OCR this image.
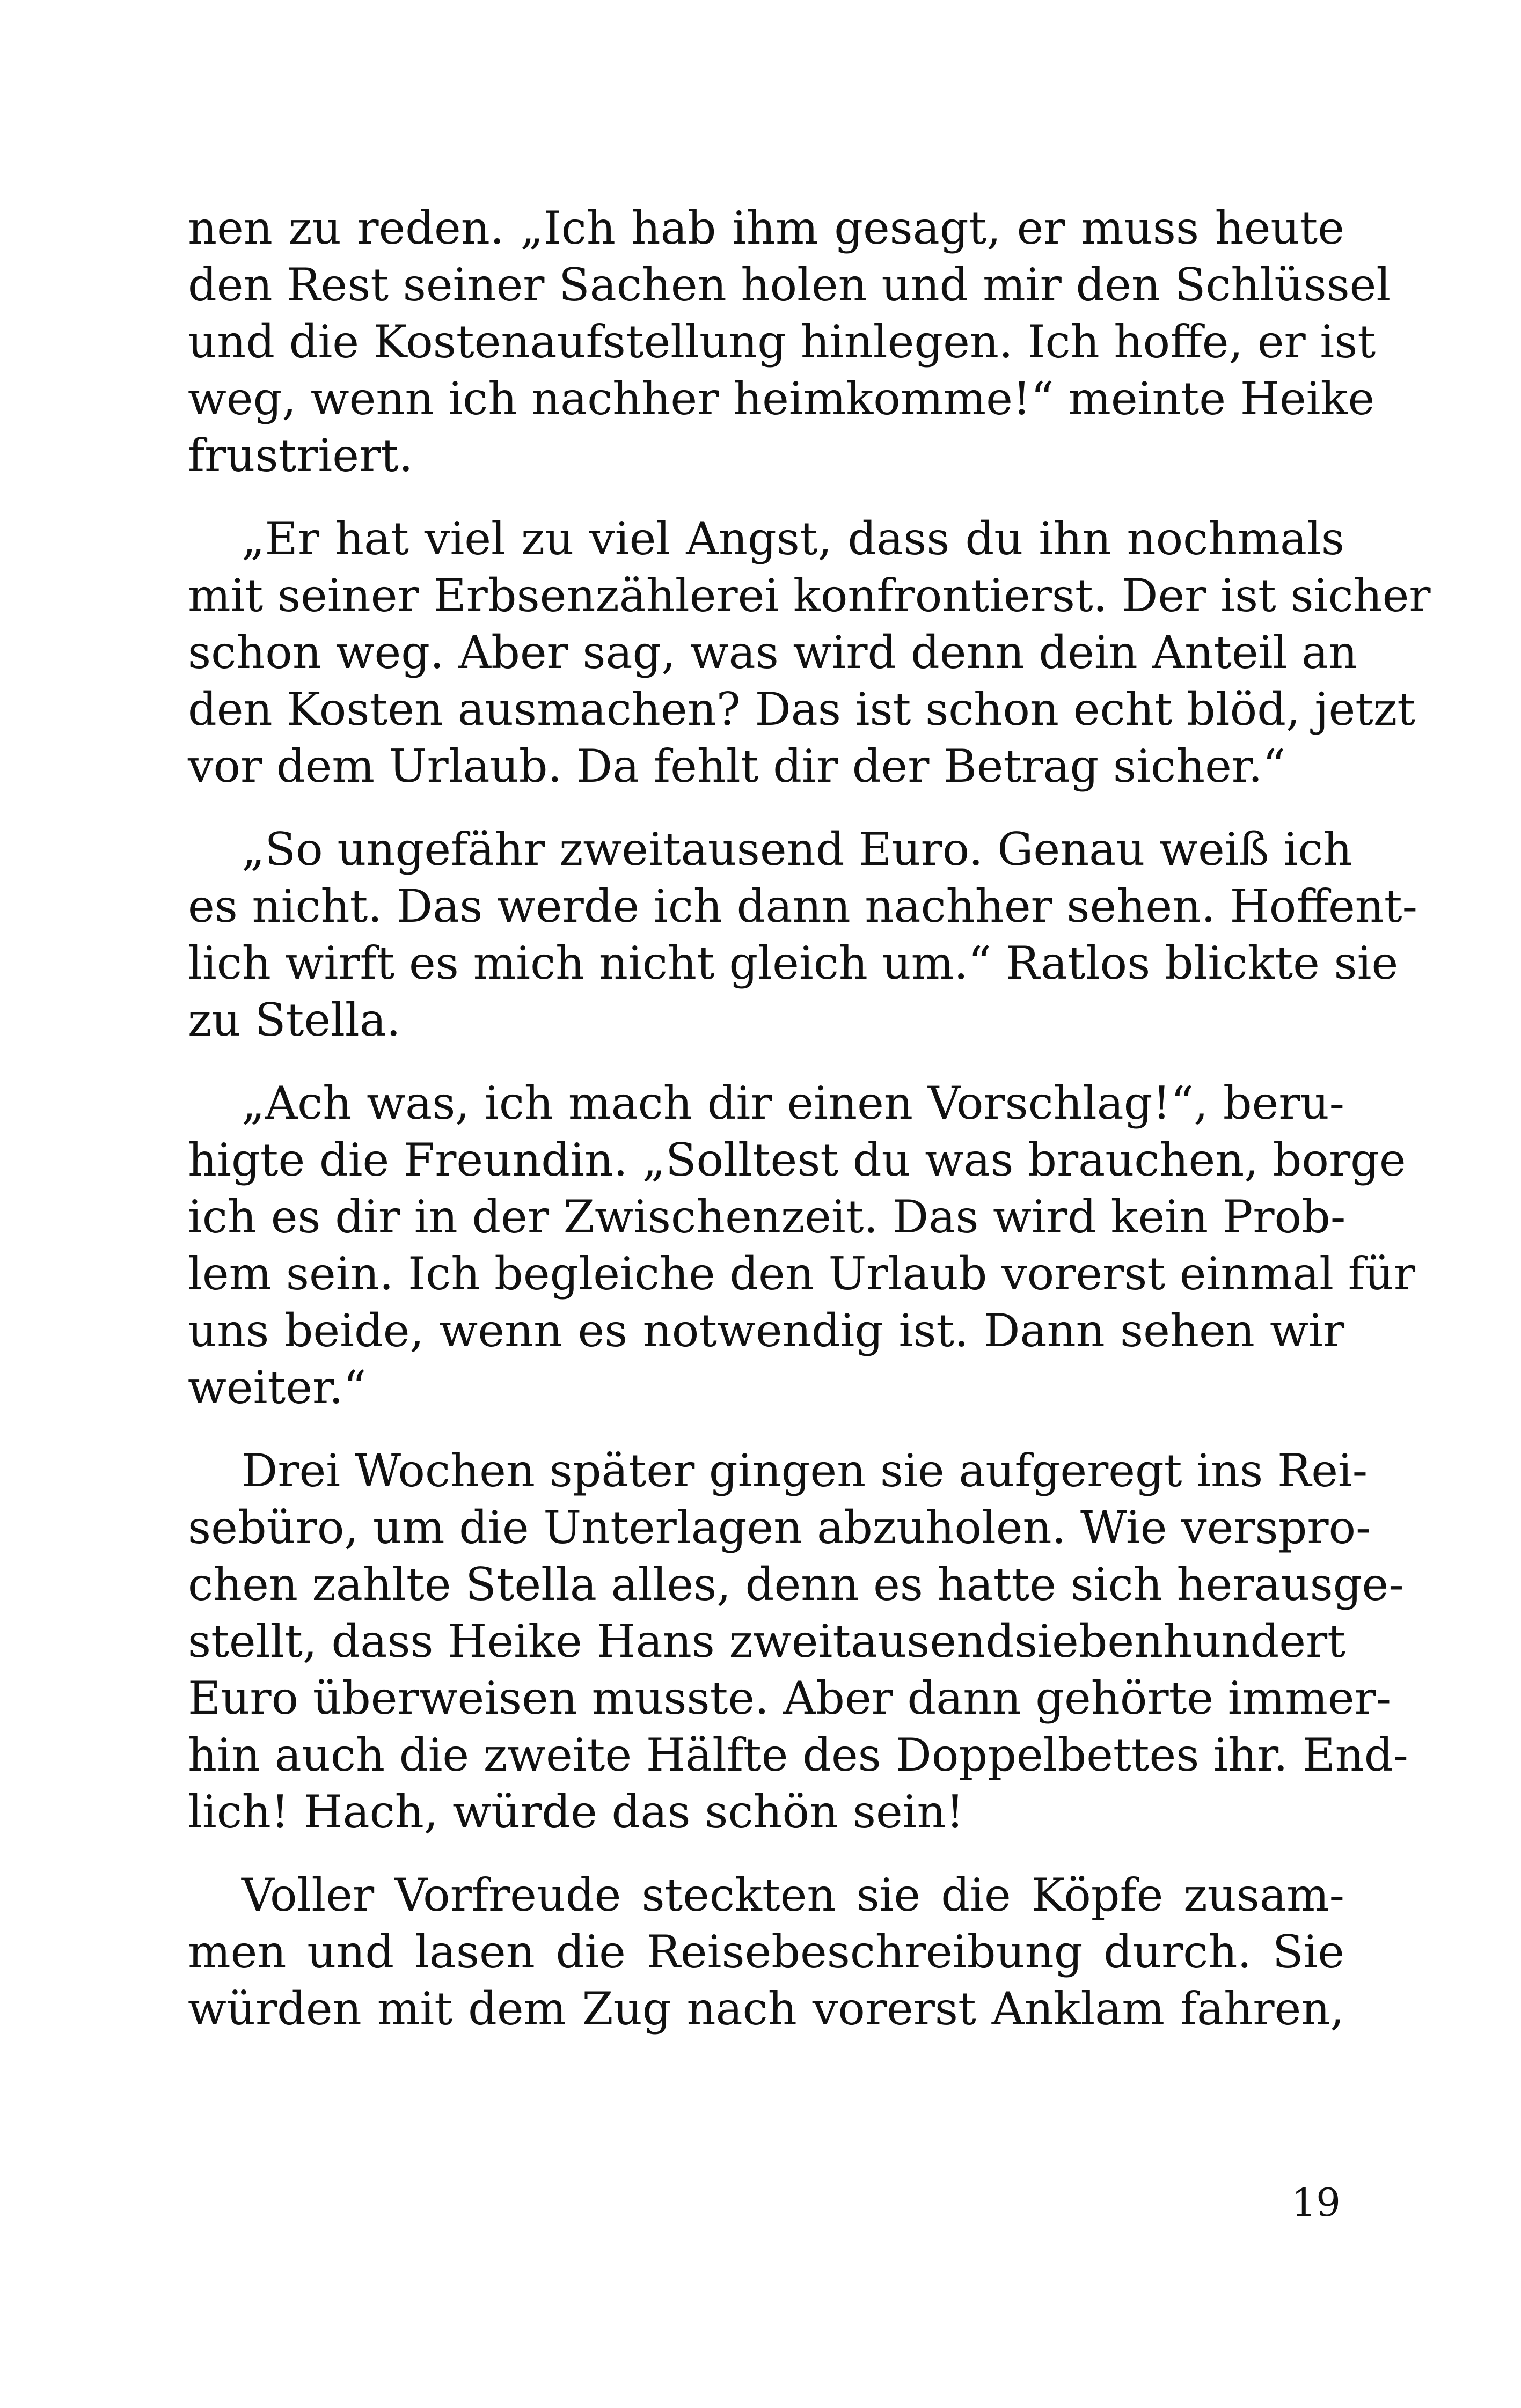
nen zu reden. „Ich hab ihm gesagt, er muss heute
den Rest seiner Sachen holen und mir den Schlüssel
und die Kostenaufstellung hinlegen. Ich hoffe, er ist
weg, wenn ich nachher heimkomme!“ meinte Heike
frustriert.
„Er hat viel zu viel Angst, dass du ihn nochmals
mit seiner Erbsenzählerei konfrontierst. Der ist sicher
schon weg. Aber sag, was wird denn dein Anteil an
den Kosten ausmachen? Das ist schon echt blöd, jetzt
vor dem Urlaub. Da fehlt dir der Betrag sicher.“
„So ungefähr zweitausend Euro. Genau weiß ich
es nicht. Das werde ich dann nachher sehen. Hoffent-
lich wirft es mich nicht gleich um.“ Ratlos blickte sie
zu Stella.
„Ach was, ich mach dir einen Vorschlag!“, beru-
higte die Freundin. „Solltest du was brauchen, borge
ich es dir in der Zwischenzeit. Das wird kein Prob-
lem sein. Ich begleiche den Urlaub vorerst einmal für
uns beide, wenn es notwendig ist. Dann sehen wir
weiter.“
Drei Wochen später gingen sie aufgeregt ins Rei-
sebüro, um die Unterlagen abzuholen. Wie verspro-
chen zahlte Stella alles, denn es hatte sich herausge-
stellt, dass Heike Hans zweitausendsiebenhundert
Euro überweisen musste. Aber dann gehörte immer-
hin auch die zweite Hälfte des Doppelbettes ihr. End-
lich! Hach, würde das schön sein!
Voller Vorfreude steckten sie die Köpfe zusam-
men und lasen die Reisebeschreibung durch. Sie
würden mit dem Zug nach vorerst Anklam fahren,
19
